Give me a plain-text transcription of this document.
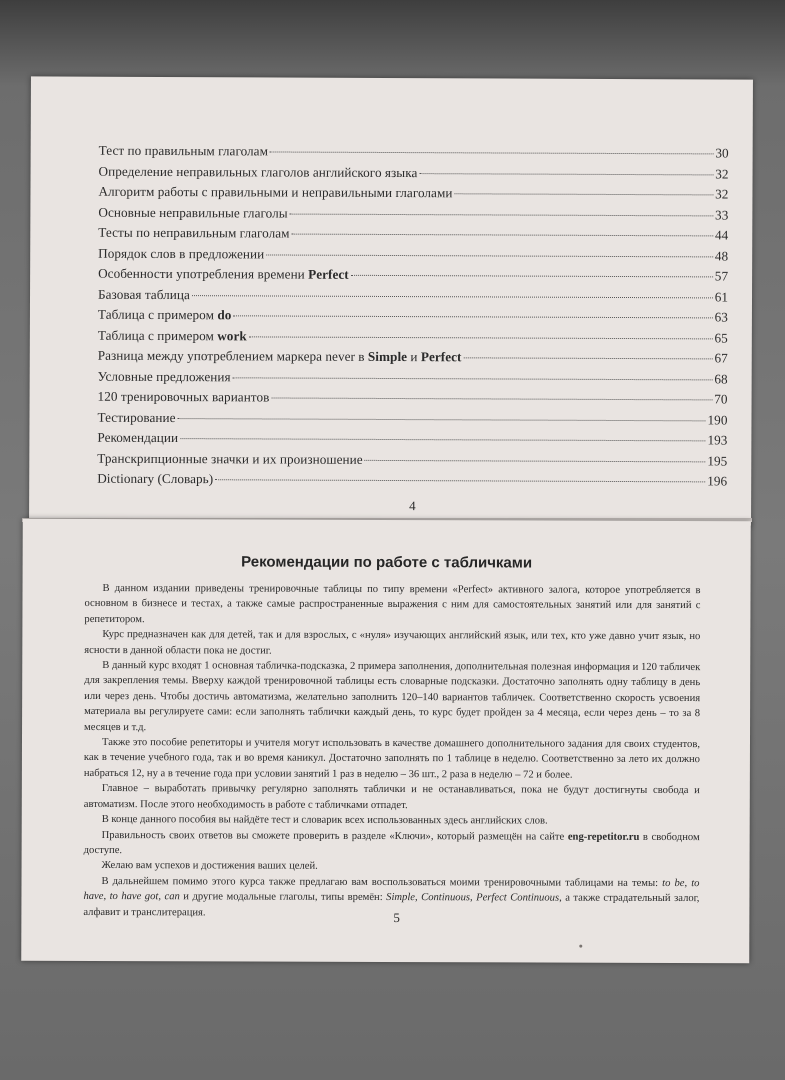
Тест по правильным глаголам	30
Определение неправильных глаголов английского языка	32
Алгоритм работы с правильными и неправильными глаголами	32
Основные неправильные глаголы	33
Тесты по неправильным глаголам	44
Порядок слов в предложении	48
Особенности употребления времени Perfect	57
Базовая таблица	61
Таблица с примером do	63
Таблица с примером work	65
Разница между употреблением маркера never в Simple и Perfect	67
Условные предложения	68
120 тренировочных вариантов	70
Тестирование	190
Рекомендации	193
Транскрипционные значки и их произношение	195
Dictionary (Словарь)	196
4
Рекомендации по работе с табличками

В данном издании приведены тренировочные таблицы по типу времени «Perfect» активного залога, которое употребляется в основном в бизнесе и тестах, а также самые распространенные выражения с ним для самостоятельных занятий или для занятий с репетитором.

Курс предназначен как для детей, так и для взрослых, с «нуля» изучающих английский язык, или тех, кто уже давно учит язык, но ясности в данной области пока не достиг.

В данный курс входят 1 основная табличка-подсказка, 2 примера заполнения, дополнительная полезная информация и 120 табличек для закрепления темы. Вверху каждой тренировочной таблицы есть словарные подсказки. Достаточно заполнять одну таблицу в день или через день. Чтобы достичь автоматизма, желательно заполнить 120–140 вариантов табличек. Соответственно скорость усвоения материала вы регулируете сами: если заполнять таблички каждый день, то курс будет пройден за 4 месяца, если через день – то за 8 месяцев и т.д.

Также это пособие репетиторы и учителя могут использовать в качестве домашнего дополнительного задания для своих студентов, как в течение учебного года, так и во время каникул. Достаточно заполнять по 1 таблице в неделю. Соответственно за лето их должно набраться 12, ну а в течение года при условии занятий 1 раз в неделю – 36 шт., 2 раза в неделю – 72 и более.

Главное – выработать привычку регулярно заполнять таблички и не останавливаться, пока не будут достигнуты свобода и автоматизм. После этого необходимость в работе с табличками отпадет.

В конце данного пособия вы найдёте тест и словарик всех использованных здесь английских слов.

Правильность своих ответов вы сможете проверить в разделе «Ключи», который размещён на сайте eng-repetitor.ru в свободном доступе.

Желаю вам успехов и достижения ваших целей.

В дальнейшем помимо этого курса также предлагаю вам воспользоваться моими тренировочными таблицами на темы: to be, to have, to have got, can и другие модальные глаголы, типы времён: Simple, Continuous, Perfect Continuous, а также страдательный залог, алфавит и транслитерация.	5
